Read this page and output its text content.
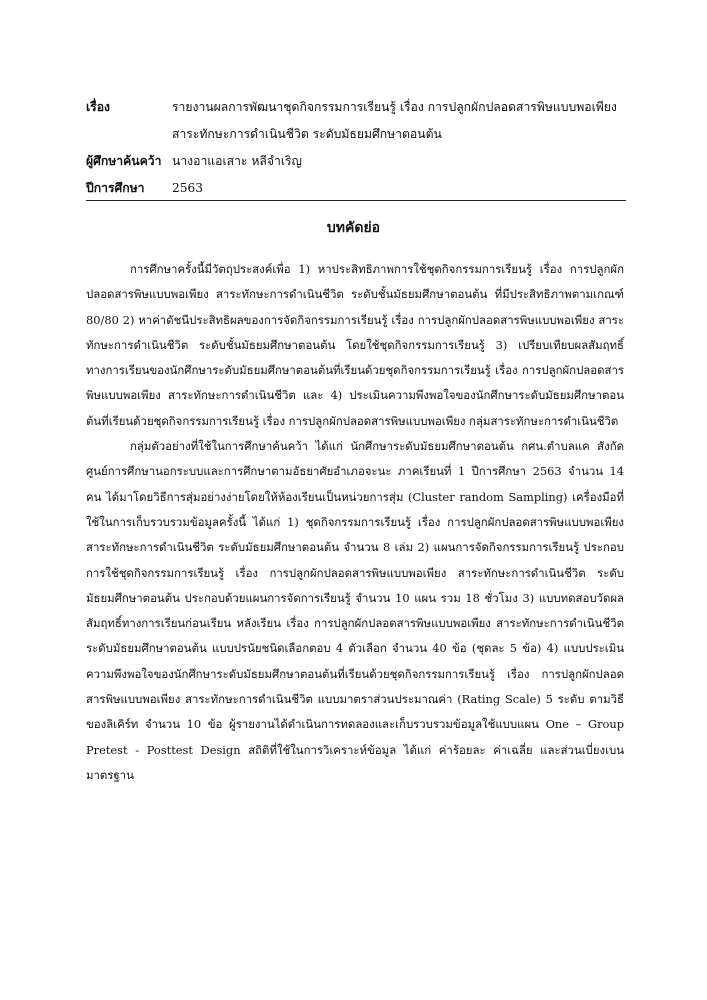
เรื่อง	รายงานผลการพัฒนาชุดกิจกรรมการเรียนรู้ เรื่อง การปลูกผักปลอดสารพิษแบบพอเพียง
สาระทักษะการดำเนินชีวิต ระดับมัธยมศึกษาตอนต้น
ผู้ศึกษาค้นคว้า นางอาแอเสาะ หลีจำเริญ
ปีการศึกษา	2563
บทคัดย่อ

การศึกษาครั้งนี้มีวัตถุประสงค์เพื่อ 1) หาประสิทธิภาพการใช้ชุดกิจกรรมการเรียนรู้ เรื่อง การปลูกผักปลอดสารพิษแบบพอเพียง สาระทักษะการดำเนินชีวิต ระดับชั้นมัธยมศึกษาตอนต้น ที่มีประสิทธิภาพตามเกณฑ์ 80/80 2) หาค่าดัชนีประสิทธิผลของการจัดกิจกรรมการเรียนรู้ เรื่อง การปลูกผักปลอดสารพิษแบบพอเพียง สาระทักษะการดำเนินชีวิต ระดับชั้นมัธยมศึกษาตอนต้น โดยใช้ชุดกิจกรรมการเรียนรู้ 3) เปรียบเทียบผลสัมฤทธิ์ทางการเรียนของนักศึกษาระดับมัธยมศึกษาตอนต้นที่เรียนด้วยชุดกิจกรรมการเรียนรู้ เรื่อง การปลูกผักปลอดสารพิษแบบพอเพียง สาระทักษะการดำเนินชีวิต และ 4) ประเมินความพึงพอใจของนักศึกษาระดับมัธยมศึกษาตอนต้นที่เรียนด้วยชุดกิจกรรมการเรียนรู้ เรื่อง การปลูกผักปลอดสารพิษแบบพอเพียง กลุ่มสาระทักษะการดำเนินชีวิต

กลุ่มตัวอย่างที่ใช้ในการศึกษาค้นคว้า ได้แก่ นักศึกษาระดับมัธยมศึกษาตอนต้น กศน.ตำบลแค สังกัดศูนย์การศึกษานอกระบบและการศึกษาตามอัธยาศัยอำเภอจะนะ ภาคเรียนที่ 1 ปีการศึกษา 2563 จำนวน 14 คน ได้มาโดยวิธีการสุ่มอย่างง่ายโดยให้ห้องเรียนเป็นหน่วยการสุ่ม (Cluster random Sampling) เครื่องมือที่ใช้ในการเก็บรวบรวมข้อมูลครั้งนี้ ได้แก่ 1) ชุดกิจกรรมการเรียนรู้ เรื่อง การปลูกผักปลอดสารพิษแบบพอเพียง สาระทักษะการดำเนินชีวิต ระดับมัธยมศึกษาตอนต้น จำนวน 8 เล่ม 2) แผนการจัดกิจกรรมการเรียนรู้ ประกอบการใช้ชุดกิจกรรมการเรียนรู้ เรื่อง การปลูกผักปลอดสารพิษแบบพอเพียง สาระทักษะการดำเนินชีวิต ระดับมัธยมศึกษาตอนต้น ประกอบด้วยแผนการจัดการเรียนรู้ จำนวน 10 แผน รวม 18 ชั่วโมง 3) แบบทดสอบวัดผลสัมฤทธิ์ทางการเรียนก่อนเรียน หลังเรียน เรื่อง การปลูกผักปลอดสารพิษแบบพอเพียง สาระทักษะการดำเนินชีวิต ระดับมัธยมศึกษาตอนต้น แบบปรนัยชนิดเลือกตอบ 4 ตัวเลือก จำนวน 40 ข้อ (ชุดละ 5 ข้อ) 4) แบบประเมินความพึงพอใจของนักศึกษาระดับมัธยมศึกษาตอนต้นที่เรียนด้วยชุดกิจกรรมการเรียนรู้ เรื่อง การปลูกผักปลอดสารพิษแบบพอเพียง สาระทักษะการดำเนินชีวิต แบบมาตราส่วนประมาณค่า (Rating Scale) 5 ระดับ ตามวิธีของลิเคิร์ท จำนวน 10 ข้อ ผู้รายงานได้ดำเนินการทดลองและเก็บรวบรวมข้อมูลใช้แบบแผน One – Group Pretest - Posttest Design สถิติที่ใช้ในการวิเคราะห์ข้อมูล ได้แก่ ค่าร้อยละ ค่าเฉลี่ย และส่วนเบี่ยงเบนมาตรฐาน
